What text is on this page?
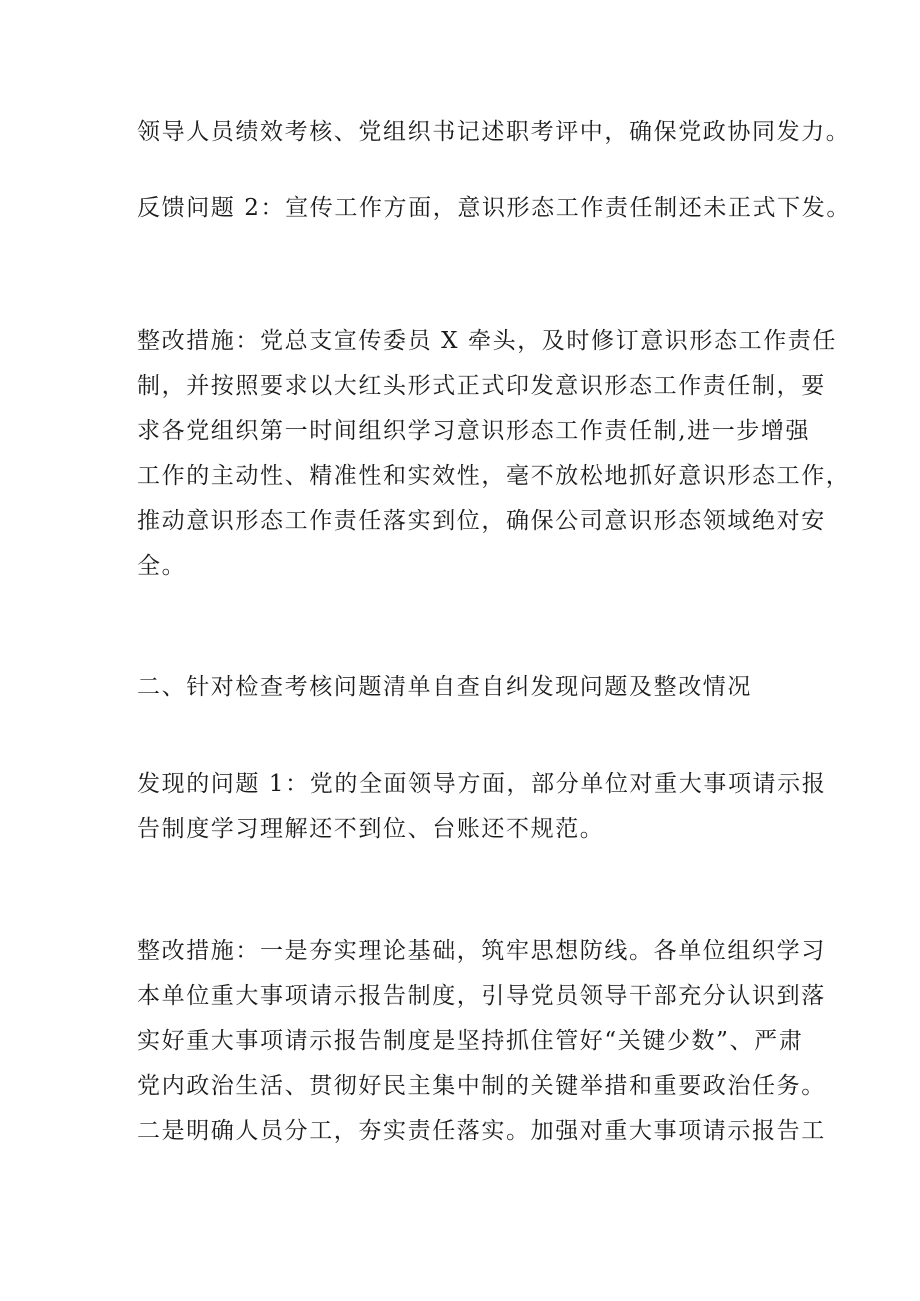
领导人员绩效考核、党组织书记述职考评中，确保党政协同发力。
反馈问题 2：宣传工作方面，意识形态工作责任制还未正式下发。
整改措施：党总支宣传委员 X 牵头，及时修订意识形态工作责任
制，并按照要求以大红头形式正式印发意识形态工作责任制，要
求各党组织第一时间组织学习意识形态工作责任制,进一步增强
工作的主动性、精准性和实效性，毫不放松地抓好意识形态工作，
推动意识形态工作责任落实到位，确保公司意识形态领域绝对安
全。
二、针对检查考核问题清单自查自纠发现问题及整改情况
发现的问题 1：党的全面领导方面，部分单位对重大事项请示报
告制度学习理解还不到位、台账还不规范。
整改措施：一是夯实理论基础，筑牢思想防线。各单位组织学习
本单位重大事项请示报告制度，引导党员领导干部充分认识到落
实好重大事项请示报告制度是坚持抓住管好“关键少数”、严肃
党内政治生活、贯彻好民主集中制的关键举措和重要政治任务。
二是明确人员分工，夯实责任落实。加强对重大事项请示报告工
